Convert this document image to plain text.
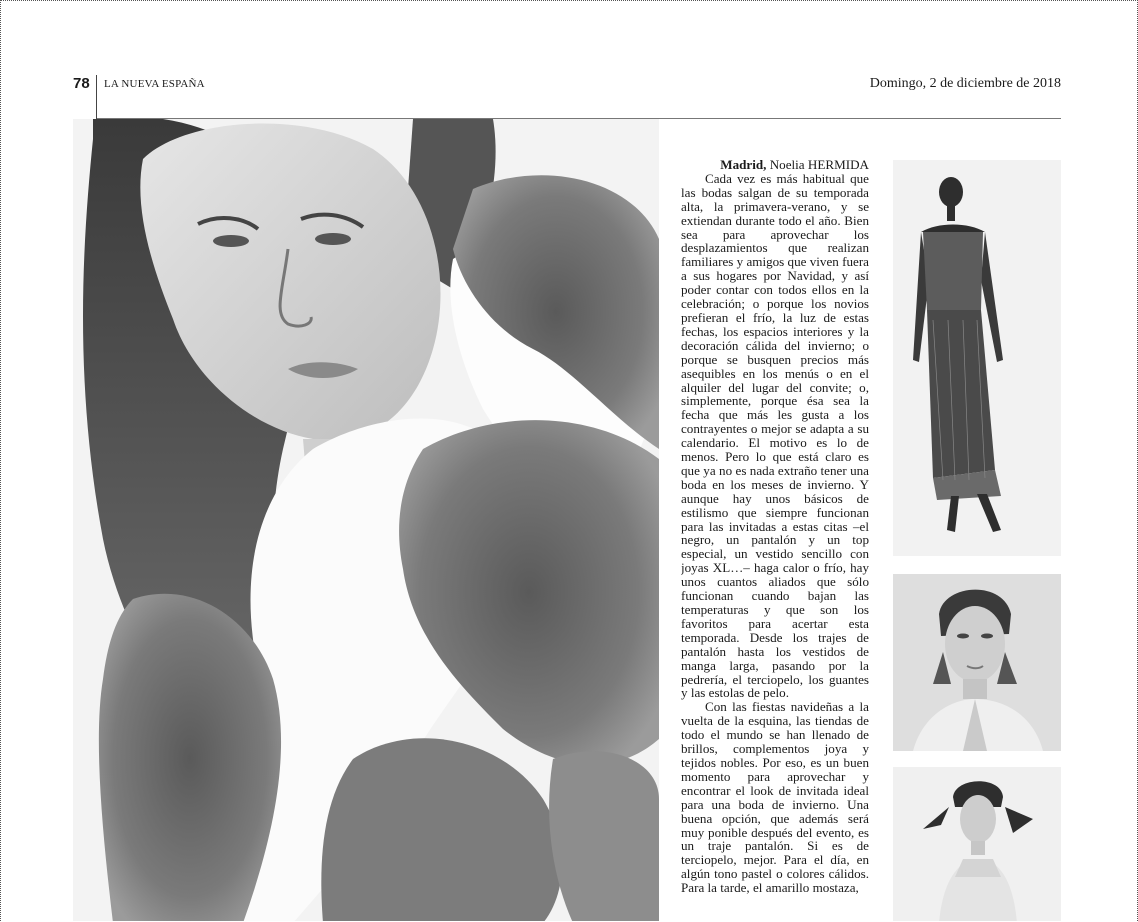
78 LA NUEVA ESPAÑA	Domingo, 2 de diciembre de 2018

Madrid, Noelia HERMIDA

Cada vez es más habitual que las bodas salgan de su temporada alta, la primavera-verano, y se extiendan durante todo el año. Bien sea para aprovechar los desplazamientos que realizan familiares y amigos que viven fuera a sus hogares por Navidad, y así poder contar con todos ellos en la celebración; o porque los novios prefieran el frío, la luz de estas fechas, los espacios interiores y la decoración cálida del invierno; o porque se busquen precios más asequibles en los menús o en el alquiler del lugar del convite; o, simplemente, porque ésa sea la fecha que más les gusta a los contrayentes o mejor se adapta a su calendario. El motivo es lo de menos. Pero lo que está claro es que ya no es nada extraño tener una boda en los meses de invierno. Y aunque hay unos básicos de estilismo que siempre funcionan para las invitadas a estas citas –el negro, un pantalón y un top especial, un vestido sencillo con joyas XL…– haga calor o frío, hay unos cuantos aliados que sólo funcionan cuando bajan las temperaturas y que son los favoritos para acertar esta temporada. Desde los trajes de pantalón hasta los vestidos de manga larga, pasando por la pedrería, el terciopelo, los guantes y las estolas de pelo.

Con las fiestas navideñas a la vuelta de la esquina, las tiendas de todo el mundo se han llenado de brillos, complementos joya y tejidos nobles. Por eso, es un buen momento para aprovechar y encontrar el look de invitada ideal para una boda de invierno. Una buena opción, que además será muy ponible después del evento, es un traje pantalón. Si es de terciopelo, mejor. Para el día, en algún tono pastel o colores cálidos. Para la tarde, el amarillo mostaza,
